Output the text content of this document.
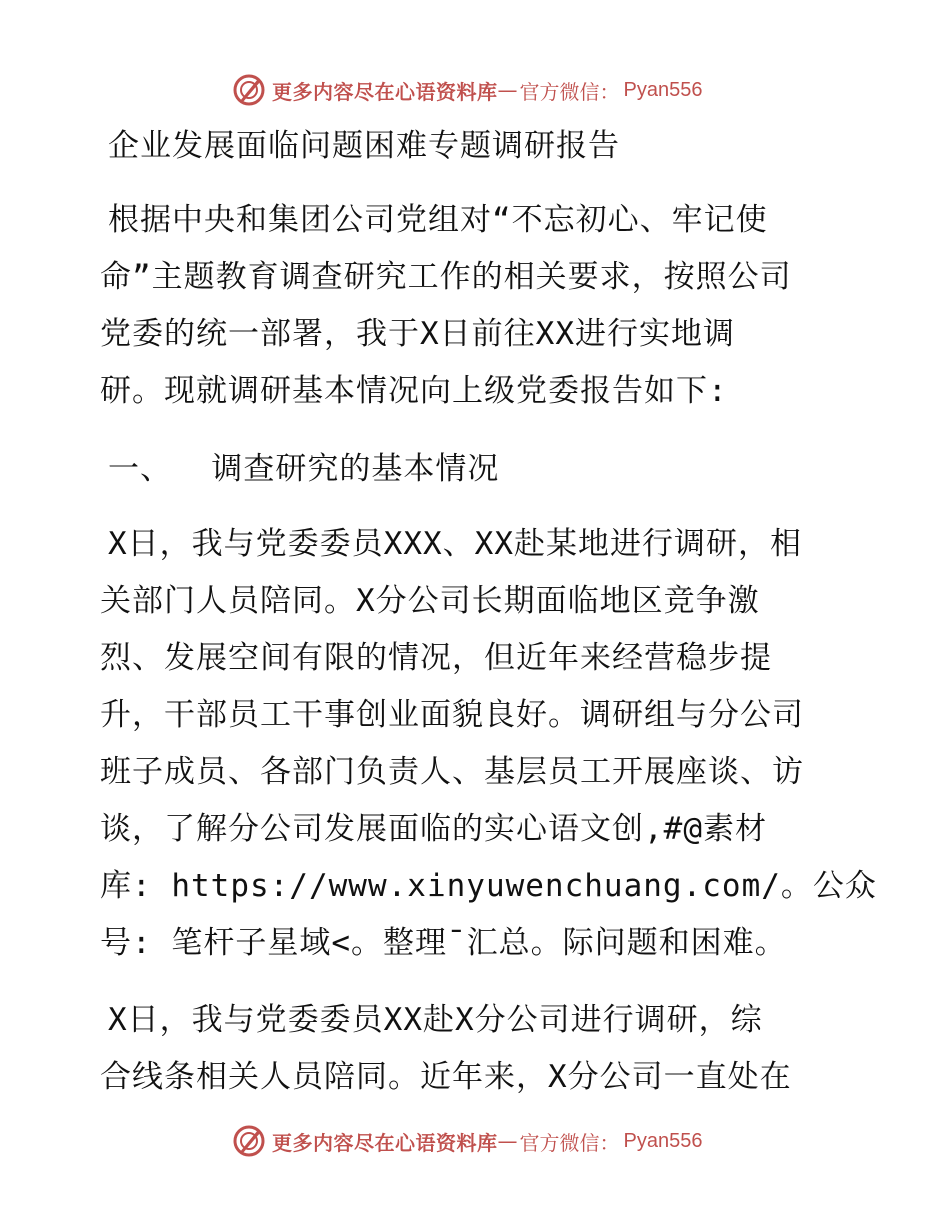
更多内容尽在心语资料库 — 官方微信： Pyan556
企业发展面临问题困难专题调研报告
根据中央和集团公司党组对“不忘初心、牢记使
命”主题教育调查研究工作的相关要求，按照公司
党委的统一部署，我于X日前往XX进行实地调
研。现就调研基本情况向上级党委报告如下:
一、  调查研究的基本情况
X日，我与党委委员XXX、XX赴某地进行调研，相
关部门人员陪同。X分公司长期面临地区竞争激
烈、发展空间有限的情况，但近年来经营稳步提
升，干部员工干事创业面貌良好。调研组与分公司
班子成员、各部门负责人、基层员工开展座谈、访
谈，了解分公司发展面临的实心语文创,#@素材
库: https://www.xinyuwenchuang.com/。公众
号: 笔杆子星域<。整理¯汇总。际问题和困难。
X日，我与党委委员XX赴X分公司进行调研，综
合线条相关人员陪同。近年来，X分公司一直处在
更多内容尽在心语资料库 — 官方微信： Pyan556
